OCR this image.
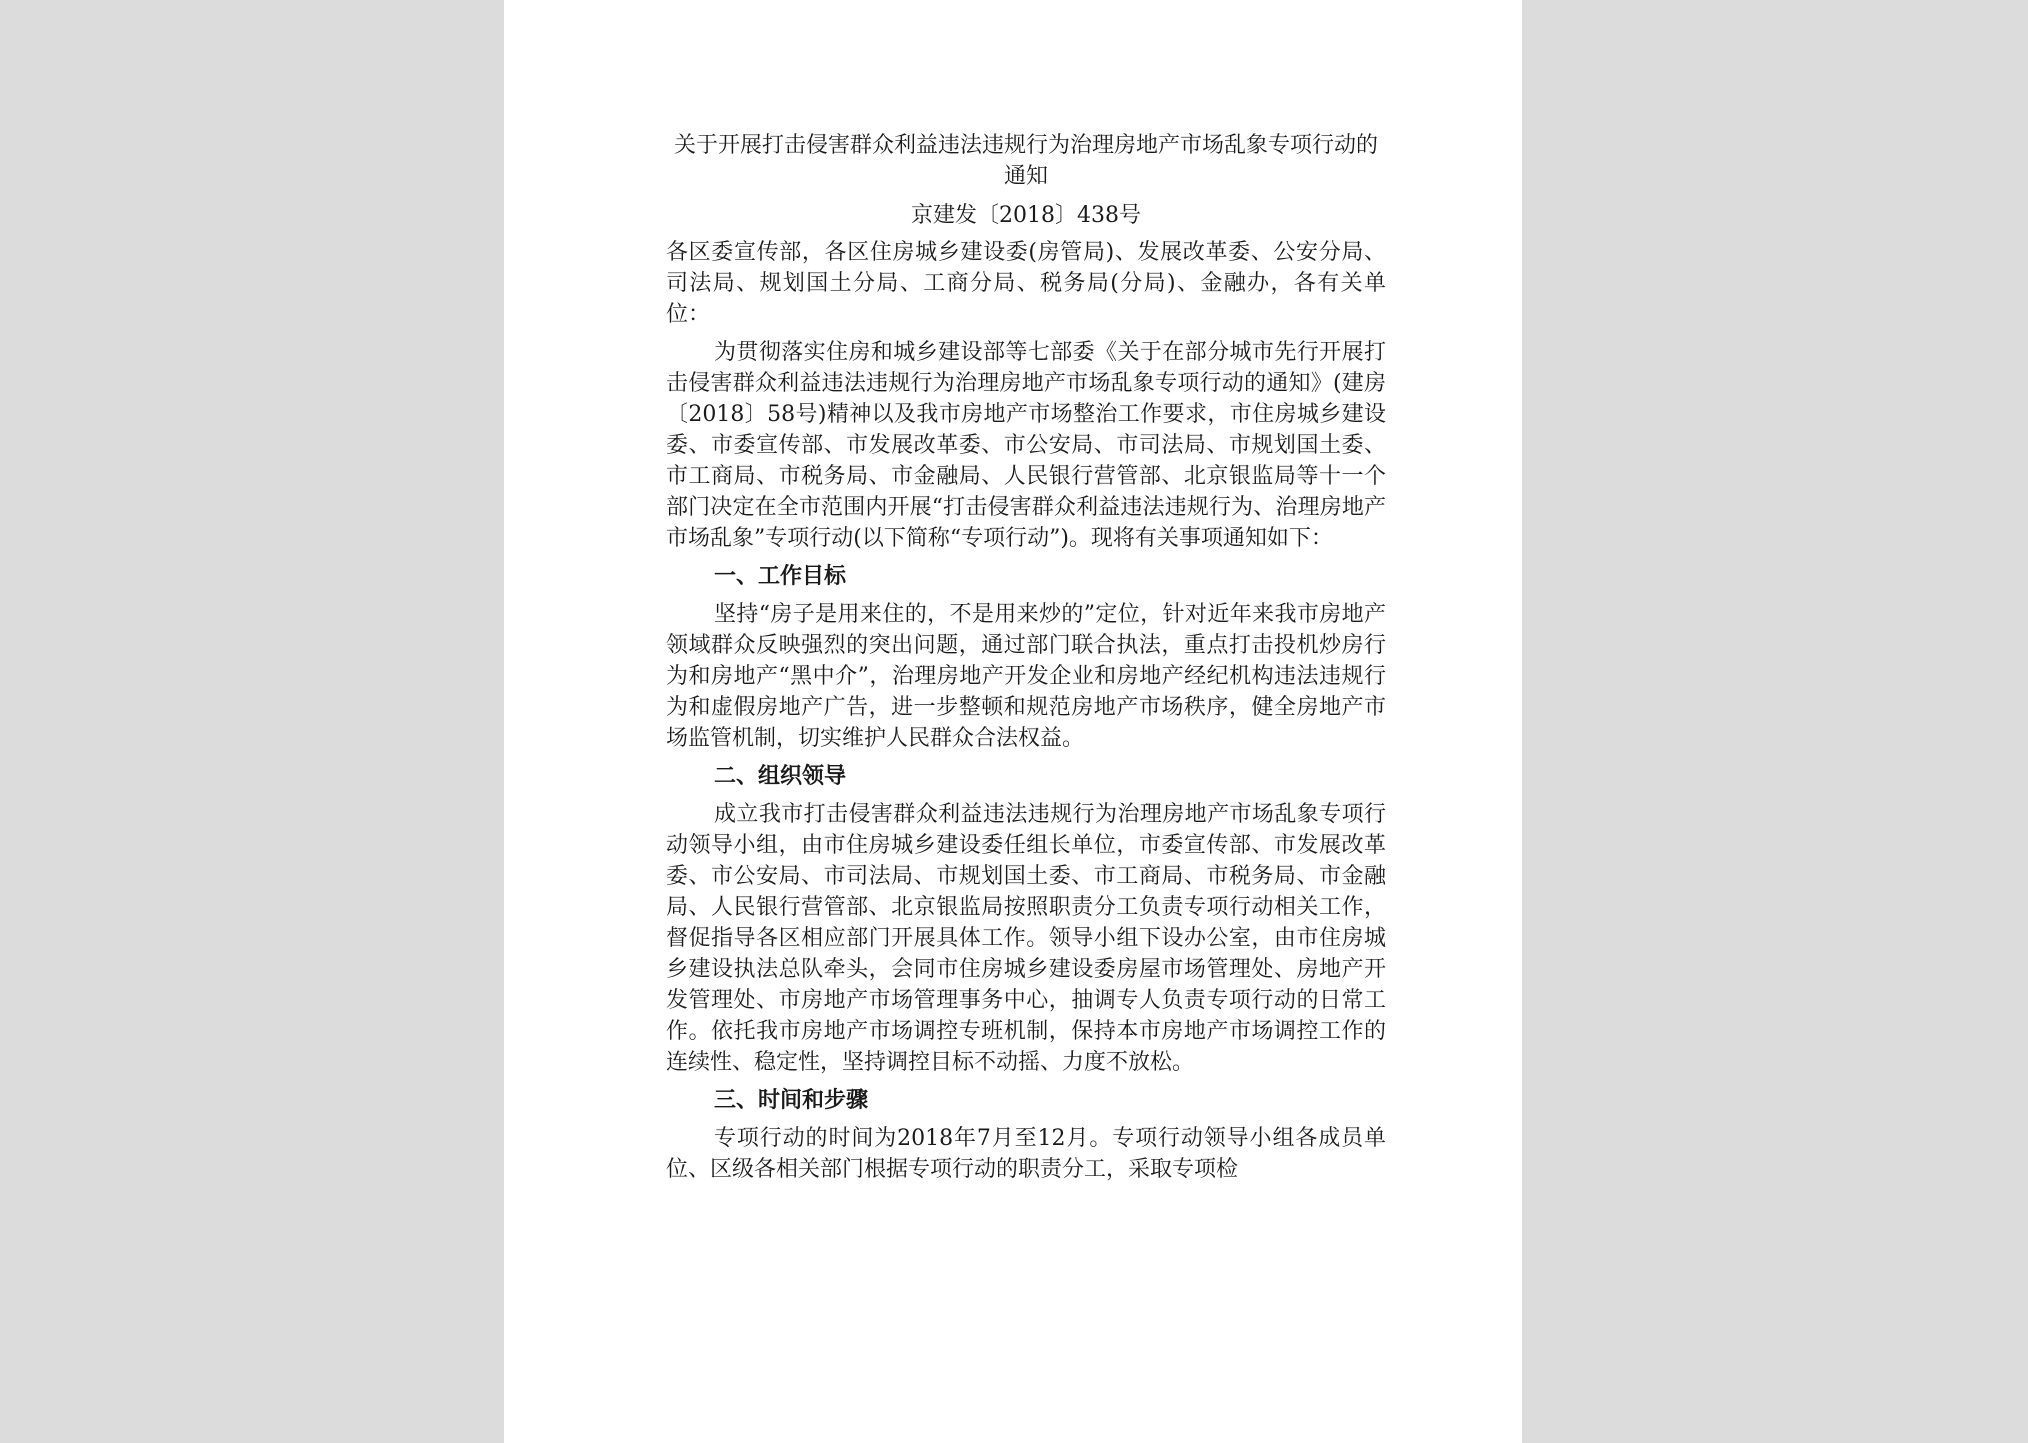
关于开展打击侵害群众利益违法违规行为治理房地产市场乱象专项行动的通知

京建发〔2018〕438号

各区委宣传部，各区住房城乡建设委(房管局)、发展改革委、公安分局、司法局、规划国土分局、工商分局、税务局(分局)、金融办，各有关单位：

为贯彻落实住房和城乡建设部等七部委《关于在部分城市先行开展打击侵害群众利益违法违规行为治理房地产市场乱象专项行动的通知》(建房〔2018〕58号)精神以及我市房地产市场整治工作要求，市住房城乡建设委、市委宣传部、市发展改革委、市公安局、市司法局、市规划国土委、市工商局、市税务局、市金融局、人民银行营管部、北京银监局等十一个部门决定在全市范围内开展“打击侵害群众利益违法违规行为、治理房地产市场乱象”专项行动(以下简称“专项行动”)。现将有关事项通知如下：

一、工作目标

坚持“房子是用来住的，不是用来炒的”定位，针对近年来我市房地产领域群众反映强烈的突出问题，通过部门联合执法，重点打击投机炒房行为和房地产“黑中介”，治理房地产开发企业和房地产经纪机构违法违规行为和虚假房地产广告，进一步整顿和规范房地产市场秩序，健全房地产市场监管机制，切实维护人民群众合法权益。

二、组织领导

成立我市打击侵害群众利益违法违规行为治理房地产市场乱象专项行动领导小组，由市住房城乡建设委任组长单位，市委宣传部、市发展改革委、市公安局、市司法局、市规划国土委、市工商局、市税务局、市金融局、人民银行营管部、北京银监局按照职责分工负责专项行动相关工作，督促指导各区相应部门开展具体工作。领导小组下设办公室，由市住房城乡建设执法总队牵头，会同市住房城乡建设委房屋市场管理处、房地产开发管理处、市房地产市场管理事务中心，抽调专人负责专项行动的日常工作。依托我市房地产市场调控专班机制，保持本市房地产市场调控工作的连续性、稳定性，坚持调控目标不动摇、力度不放松。

三、时间和步骤

专项行动的时间为2018年7月至12月。专项行动领导小组各成员单位、区级各相关部门根据专项行动的职责分工，采取专项检
